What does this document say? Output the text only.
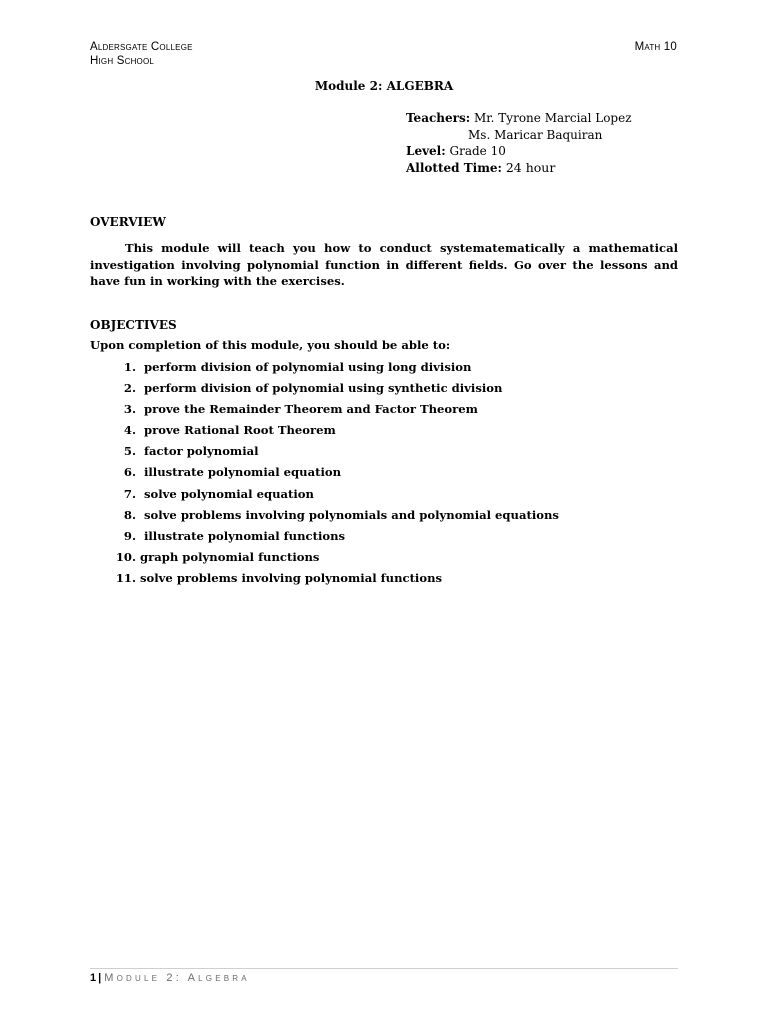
Aldersgate College
High School
Math 10
Module 2: ALGEBRA
Teachers: Mr. Tyrone Marcial Lopez
Ms. Maricar Baquiran
Level: Grade 10
Allotted Time: 24 hour
OVERVIEW
This module will teach you how to conduct systematematically a mathematical investigation involving polynomial function in different fields. Go over the lessons and have fun in working with the exercises.
OBJECTIVES
Upon completion of this module, you should be able to:
1. perform division of polynomial using long division
2. perform division of polynomial using synthetic division
3. prove the Remainder Theorem and Factor Theorem
4. prove Rational Root Theorem
5. factor polynomial
6. illustrate polynomial equation
7. solve polynomial equation
8. solve problems involving polynomials and polynomial equations
9. illustrate polynomial functions
10. graph polynomial functions
11. solve problems involving polynomial functions
1 | Module 2: Algebra
